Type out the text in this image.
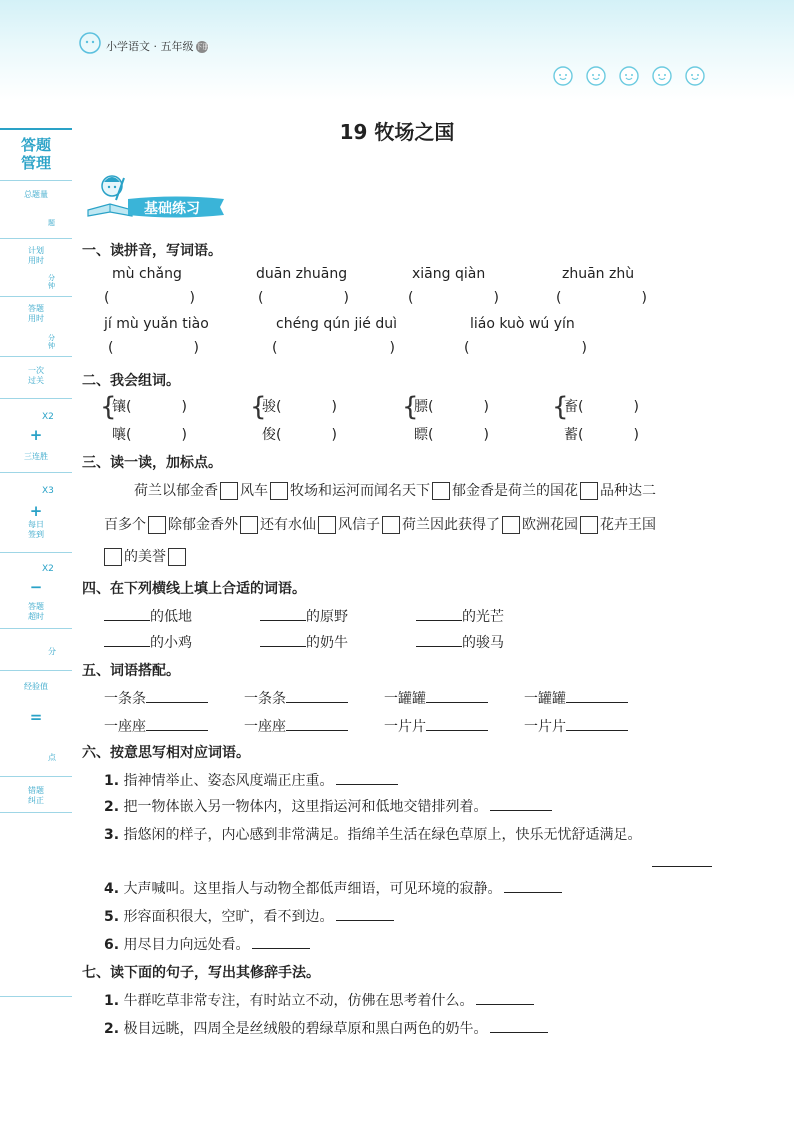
小学语文 · 五年级 下册
答题
管理
总题量
题
计划
用时
分
钟
答题
用时
分
钟
一次
过关
X2
+
三连胜
X3
+
每日
签到
X2
−
答题
超时
分
经验值
=
点
错题
纠正
19 牧场之国
基础练习
一、读拼音，写词语。
mù chǎng	duān zhuāng	xiāng qiàn	zhuān zhù
(	)	(	)	(	)	(	)
jí mù yuǎn tiào	chéng qún jié duì	liáo kuò wú yín
(	)	(	)	(	)
二、我会组词。
{
镶(	)
嚷(	)
{
骏(	)
俊(	)
{
膘(	)
瞟(	)
{
畜(	)
蓄(	)
三、读一读，加标点。
荷兰以郁金香 风车 牧场和运河而闻名天下 郁金香是荷兰的国花 品种达二
百多个 除郁金香外 还有水仙 风信子 荷兰因此获得了 欧洲花园 花卉王国
的美誉
四、在下列横线上填上合适的词语。
的低地	的原野	的光芒
的小鸡	的奶牛	的骏马
五、词语搭配。
一条条	一条条	一罐罐	一罐罐
一座座	一座座	一片片	一片片
六、按意思写相对应词语。
1. 指神情举止、姿态风度端正庄重。
2. 把一物体嵌入另一物体内，这里指运河和低地交错排列着。
3. 指悠闲的样子，内心感到非常满足。指绵羊生活在绿色草原上，快乐无忧舒适满足。
4. 大声喊叫。这里指人与动物全都低声细语，可见环境的寂静。
5. 形容面积很大，空旷，看不到边。
6. 用尽目力向远处看。
七、读下面的句子，写出其修辞手法。
1. 牛群吃草非常专注，有时站立不动，仿佛在思考着什么。
2. 极目远眺，四周全是丝绒般的碧绿草原和黑白两色的奶牛。
